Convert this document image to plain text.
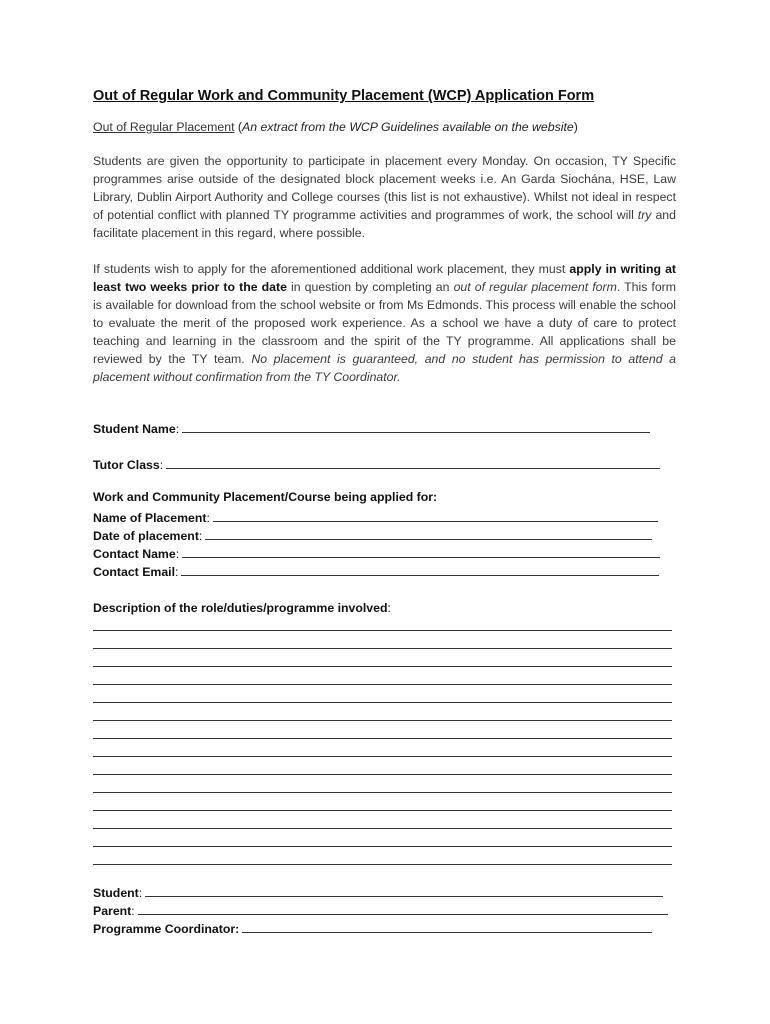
Out of Regular Work and Community Placement (WCP) Application Form
Out of Regular Placement (An extract from the WCP Guidelines available on the website)
Students are given the opportunity to participate in placement every Monday. On occasion, TY Specific programmes arise outside of the designated block placement weeks i.e. An Garda Siochána, HSE, Law Library, Dublin Airport Authority and College courses (this list is not exhaustive). Whilst not ideal in respect of potential conflict with planned TY programme activities and programmes of work, the school will try and facilitate placement in this regard, where possible.
If students wish to apply for the aforementioned additional work placement, they must apply in writing at least two weeks prior to the date in question by completing an out of regular placement form. This form is available for download from the school website or from Ms Edmonds. This process will enable the school to evaluate the merit of the proposed work experience. As a school we have a duty of care to protect teaching and learning in the classroom and the spirit of the TY programme. All applications shall be reviewed by the TY team. No placement is guaranteed, and no student has permission to attend a placement without confirmation from the TY Coordinator.
Student Name :
Tutor Class :
Work and Community Placement/Course being applied for:
Name of Placement :
Date of placement :
Contact Name :
Contact Email :
Description of the role/duties/programme involved :
Student :
Parent :
Programme Coordinator:
